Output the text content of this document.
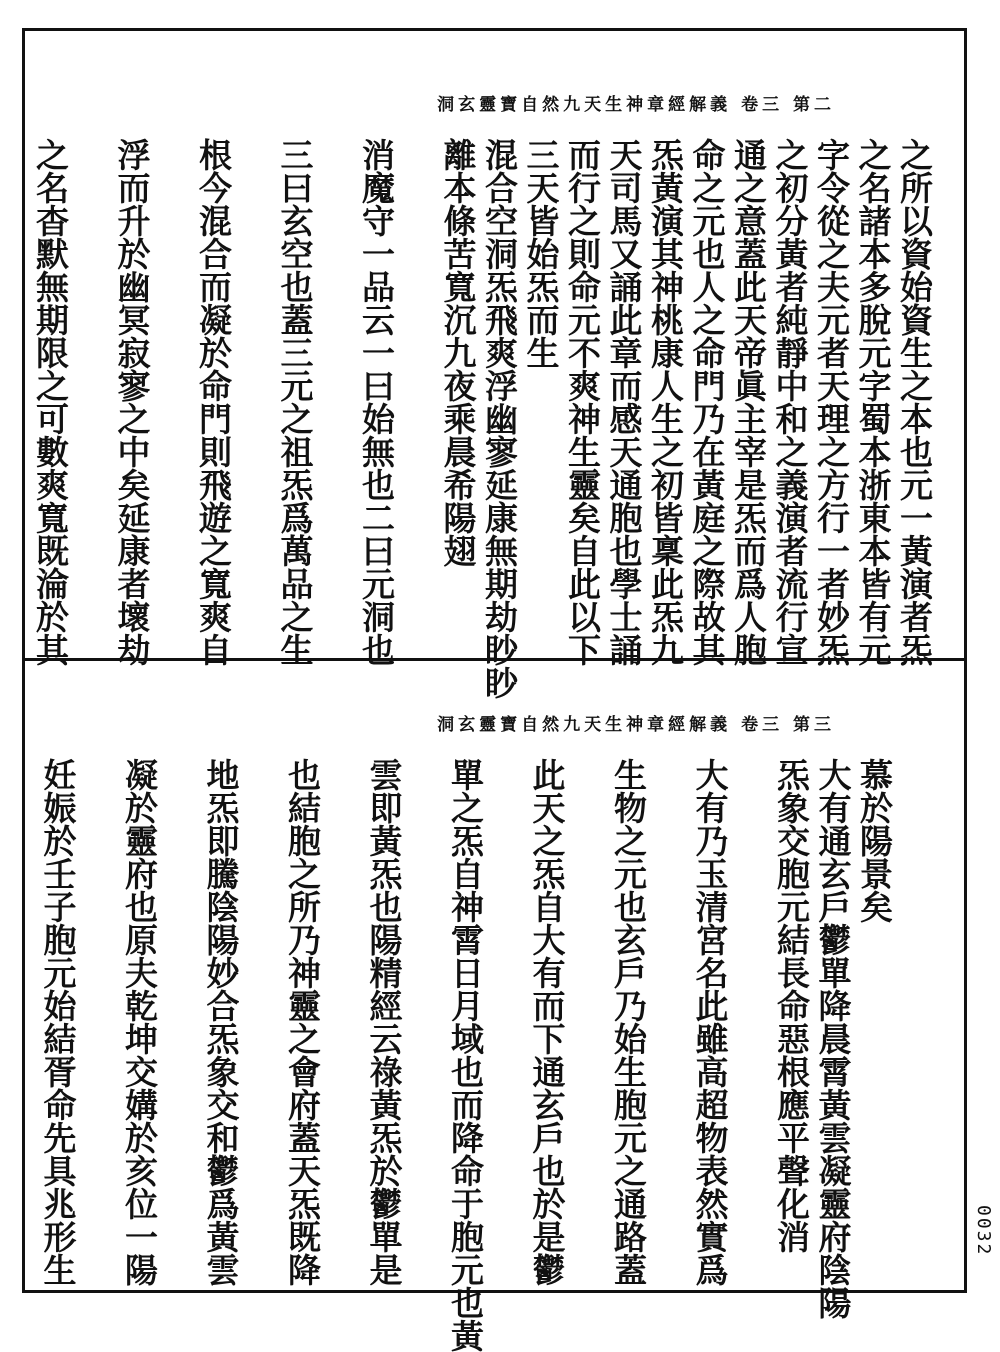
洞玄靈寶自然九天生神章經解義 卷三 第二
之所以資始資生之本也元一黃演者炁
之名諸本多脫元字蜀本浙東本皆有元
字令從之夫元者天理之方行一者妙炁
之初分黃者純靜中和之義演者流行宣
通之意蓋此天帝眞主宰是炁而爲人胞
命之元也人之命門乃在黃庭之際故其
炁黃演其神桃康人生之初皆稟此炁九
天司馬又誦此章而感天通胞也學士誦
而行之則命元不爽神生靈矣自此以下
三天皆始炁而生
混合空洞炁飛爽浮幽寥延康無期劫眇眇
離本條苦寬沉九夜乘晨希陽翅
消魔守一品云一曰始無也二曰元洞也
三曰玄空也蓋三元之祖炁爲萬品之生
根今混合而凝於命門則飛遊之寬爽自
浮而升於幽冥寂寥之中矣延康者壞劫
之名杳默無期限之可數爽寬既淪於其
洞玄靈寶自然九天生神章經解義 卷三 第三
慕於陽景矣
大有通玄戶鬱單降晨霄黃雲凝靈府陰陽
炁象交胞元結長命惡根應平聲化消
大有乃玉清宮名此雖高超物表然實爲
生物之元也玄戶乃始生胞元之通路蓋
此天之炁自大有而下通玄戶也於是鬱
單之炁自神霄日月域也而降命于胞元也黃
雲即黃炁也陽精經云祿黃炁於鬱單是
也結胞之所乃神靈之會府蓋天炁既降
地炁即騰陰陽妙合炁象交和鬱爲黃雲
凝於靈府也原夫乾坤交媾於亥位一陽
妊娠於壬子胞元始結胥命先具兆形生	0032
